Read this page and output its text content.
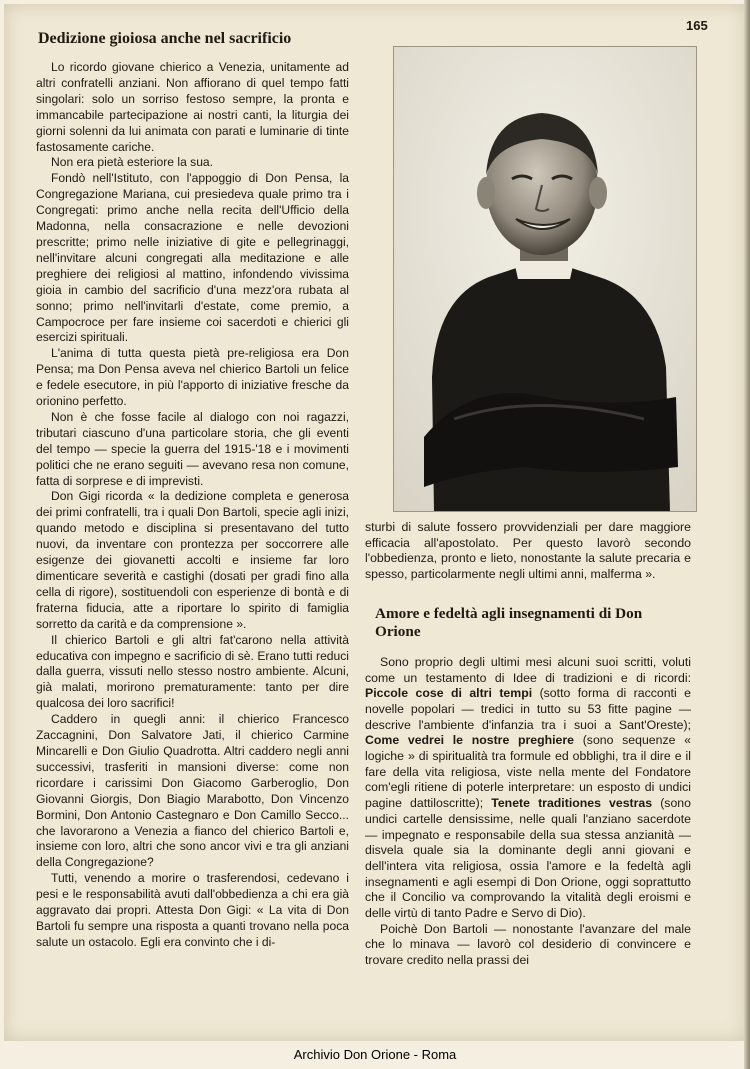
165
Dedizione gioiosa anche nel sacrificio

Lo ricordo giovane chierico a Venezia, unitamente ad altri confratelli anziani. Non affiorano di quel tempo fatti singolari: solo un sorriso festoso sempre, la pronta e immancabile partecipazione ai nostri canti, la liturgia dei giorni solenni da lui animata con parati e luminarie di tinte fastosamente cariche.

Non era pietà esteriore la sua.

Fondò nell'Istituto, con l'appoggio di Don Pensa, la Congregazione Mariana, cui presiedeva quale primo tra i Congregati: primo anche nella recita dell'Ufficio della Madonna, nella consacrazione e nelle devozioni prescritte; primo nelle iniziative di gite e pellegrinaggi, nell'invitare alcuni congregati alla meditazione e alle preghiere dei religiosi al mattino, infondendo vivissima gioia in cambio del sacrificio d'una mezz'ora rubata al sonno; primo nell'invitarli d'estate, come premio, a Campocroce per fare insieme coi sacerdoti e chierici gli esercizi spirituali.

L'anima di tutta questa pietà pre-religiosa era Don Pensa; ma Don Pensa aveva nel chierico Bartoli un felice e fedele esecutore, in più l'apporto di iniziative fresche da orionino perfetto.

Non è che fosse facile al dialogo con noi ragazzi, tributari ciascuno d'una particolare storia, che gli eventi del tempo — specie la guerra del 1915-'18 e i movimenti politici che ne erano seguiti — avevano resa non comune, fatta di sorprese e di imprevisti.

Don Gigi ricorda « la dedizione completa e generosa dei primi confratelli, tra i quali Don Bartoli, specie agli inizi, quando metodo e disciplina si presentavano del tutto nuovi, da inventare con prontezza per soccorrere alle esigenze dei giovanetti accolti e insieme far loro dimenticare severità e castighi (dosati per gradi fino alla cella di rigore), sostituendoli con esperienze di bontà e di fraterna fiducia, atte a riportare lo spirito di famiglia sorretto da carità e da comprensione ».

Il chierico Bartoli e gli altri fat'carono nella attività educativa con impegno e sacrificio di sè. Erano tutti reduci dalla guerra, vissuti nello stesso nostro ambiente. Alcuni, già malati, morirono prematuramente: tanto per dire qualcosa dei loro sacrifici!

Caddero in quegli anni: il chierico Francesco Zaccagnini, Don Salvatore Jati, il chierico Carmine Mincarelli e Don Giulio Quadrotta. Altri caddero negli anni successivi, trasferiti in mansioni diverse: come non ricordare i carissimi Don Giacomo Garberoglio, Don Giovanni Giorgis, Don Biagio Marabotto, Don Vincenzo Bormini, Don Antonio Castegnaro e Don Camillo Secco... che lavorarono a Venezia a fianco del chierico Bartoli e, insieme con loro, altri che sono ancor vivi e tra gli anziani della Congregazione?

Tutti, venendo a morire o trasferendosi, cedevano i pesi e le responsabilità avuti dall'obbedienza a chi era già aggravato dai propri. Attesta Don Gigi: « La vita di Don Bartoli fu sempre una risposta a quanti trovano nella poca salute un ostacolo. Egli era convinto che i di-

sturbi di salute fossero provvidenziali per dare maggiore efficacia all'apostolato. Per questo lavorò secondo l'obbedienza, pronto e lieto, nonostante la salute precaria e spesso, particolarmente negli ultimi anni, malferma ».

Amore e fedeltà agli insegnamenti di Don Orione

Sono proprio degli ultimi mesi alcuni suoi scritti, voluti come un testamento di Idee di tradizioni e di ricordi: Piccole cose di altri tempi (sotto forma di racconti e novelle popolari — tredici in tutto su 53 fitte pagine — descrive l'ambiente d'infanzia tra i suoi a Sant'Oreste); Come vedrei le nostre preghiere (sono sequenze « logiche » di spiritualità tra formule ed obblighi, tra il dire e il fare della vita religiosa, viste nella mente del Fondatore com'egli ritiene di poterle interpretare: un esposto di undici pagine dattiloscritte); Tenete traditiones vestras (sono undici cartelle densissime, nelle quali l'anziano sacerdote — impegnato e responsabile della sua stessa anzianità — disvela quale sia la dominante degli anni giovani e dell'intera vita religiosa, ossia l'amore e la fedeltà agli insegnamenti e agli esempi di Don Orione, oggi soprattutto che il Concilio va comprovando la vitalità degli eroismi e delle virtù di tanto Padre e Servo di Dio).

Poichè Don Bartoli — nonostante l'avanzare del male che lo minava — lavorò col desiderio di convincere e trovare credito nella prassi dei

Archivio Don Orione - Roma
